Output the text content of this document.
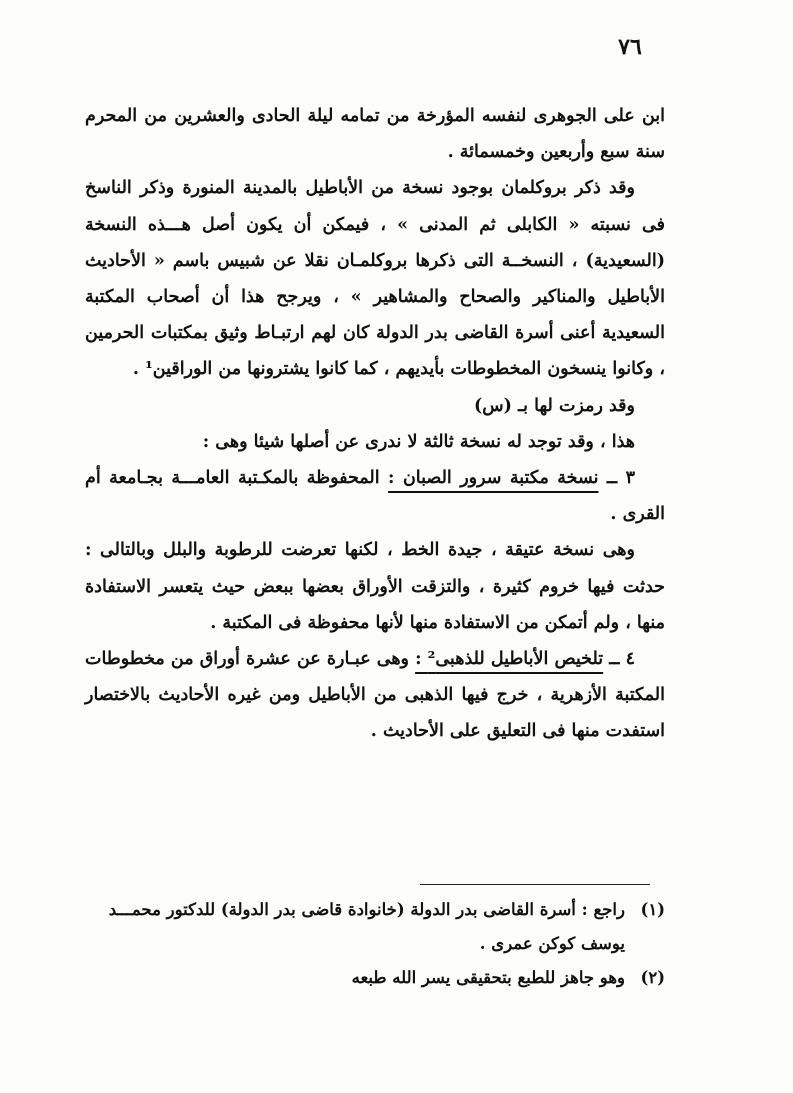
٧٦

ابن على الجوهرى لنفسه المؤرخة من تمامه ليلة الحادى والعشرين من المحرم سنة سبع وأربعين وخمسمائة .

وقد ذكر بروكلمان بوجود نسخة من الأباطيل بالمدينة المنورة وذكر الناسخ فى نسبته « الكابلى ثم المدنى » ، فيمكن أن يكون أصل هـــذه النسخة (السعيدية) ، النسخــة التى ذكرها بروكلمـان نقلا عن شبيس باسم « الأحاديث الأباطيل والمناكير والصحاح والمشاهير » ، ويرجح هذا أن أصحاب المكتبة السعيدية أعنى أسرة القاضى بدر الدولة كان لهم ارتبـاط وثيق بمكتبات الحرمين ، وكانوا ينسخون المخطوطات بأيديهم ، كما كانوا يشترونها من الوراقين¹ .

وقد رمزت لها بـ (س)

هذا ، وقد توجد له نسخة ثالثة لا ندرى عن أصلها شيئا وهى :

٣ ــ نسخة مكتبة سرور الصبان : المحفوظة بالمكـتبة العامـــة بجـامعة أم القرى .

وهى نسخة عتيقة ، جيدة الخط ، لكنها تعرضت للرطوبة والبلل وبالتالى : حدثت فيها خروم كثيرة ، والتزقت الأوراق بعضها ببعض حيث يتعسر الاستفادة منها ، ولم أتمكن من الاستفادة منها لأنها محفوظة فى المكتبة .

٤ ــ تلخيص الأباطيل للذهبى² : وهى عبـارة عن عشرة أوراق من مخطوطات المكتبة الأزهرية ، خرج فيها الذهبى من الأباطيل ومن غيره الأحاديث بالاختصار استفدت منها فى التعليق على الأحاديث .

(١)
راجع : أسرة القاضى بدر الدولة (خانوادة قاضى بدر الدولة) للدكتور محمـــد يوسف كوكن عمرى .

(٢)
وهو جاهز للطبع بتحقيقى يسر الله طبعه
